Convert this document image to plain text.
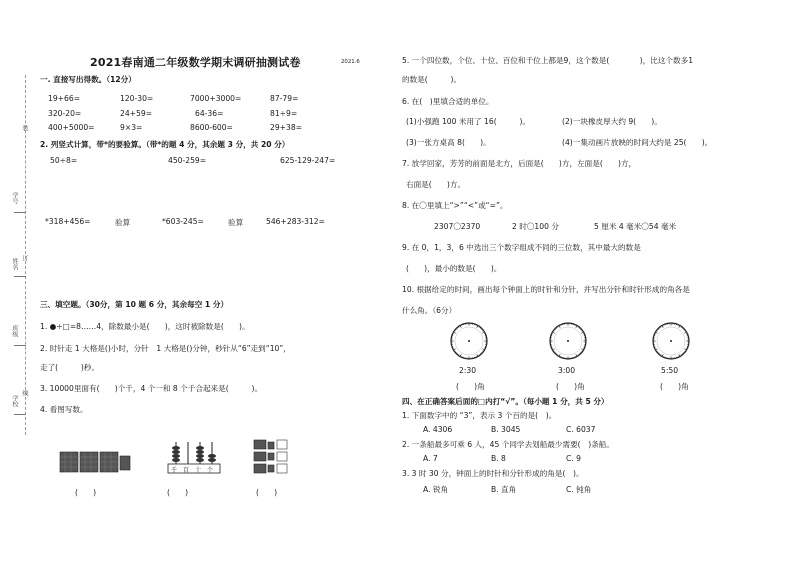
装
订
线
学号
姓名
班级
学校
2021春南通二年级数学期末调研抽测试卷	2021.6
一. 直接写出得数。（12分）
19+66=	120-30=	7000+3000=	87-79=
320-20=	24+59=	64-36=	81÷9=
400+5000=	9×3=	8600-600=	29+38=
2. 列竖式计算，带*的要验算。（带*的题 4 分，其余题 3 分，共 20 分）
50÷8=	450-259=	625-129-247=
*318+456=	验算	*603-245=	验算	546+283-312=
三、填空题。（30分，第 10 题 6 分，其余每空 1 分）
1. ●÷□=8……4，除数最小是(　　)，这时被除数是(　　)。
2. 时针走 1 大格是()小时，分针　1 大格是()分钟，秒针从“6”走到“10”，
走了(　　　)秒。
3. 10000里面有(　　)个千，4 个一和 8 个千合起来是(　　　)。
4. 看图写数。
千 百 十 个
(　　)	(　　)	(　　)
5. 一个四位数，个位、十位、百位和千位上都是9，这个数是(　　　　)，比这个数多1
的数是(　　　)。
6. 在(　)里填合适的单位。
(1)小强跑 100 米用了 16(　　　)。	(2)一块橡皮厚大约 9(　　)。
(3)一张方桌高 8(　　)。	(4)一集动画片放映的时间大约是 25(　　)。
7. 放学回家，芳芳的前面是北方，后面是(　　)方，左面是(　　)方，
右面是(　　)方。
8. 在〇里填上“>”“<”或“=”。
2307〇2370	2 时〇100 分	5 厘米 4 毫米〇54 毫米
9. 在 0，1，3，6 中选出三个数字组成不同的三位数，其中最大的数是
(　　)，最小的数是(　　)。
10. 根据给定的时间，画出每个钟面上的时针和分针，并写出分针和时针形成的角各是
什么角。（6分）
2:30	3:00	5:50
(　　)角	(　　)角	(　　)角
四、在正确答案后面的□内打“√”。（每小题 1 分，共 5 分）
1. 下面数字中的 “3”，表示 3 个百的是(　)。
A. 4306	B. 3045	C. 6037
2. 一条船最多可乘 6 人，45 个同学去划船最少需要(　)条船。
A. 7	B. 8	C. 9
3. 3 时 30 分，钟面上的时针和分针形成的角是(　)。
A. 锐角	B. 直角	C. 钝角
